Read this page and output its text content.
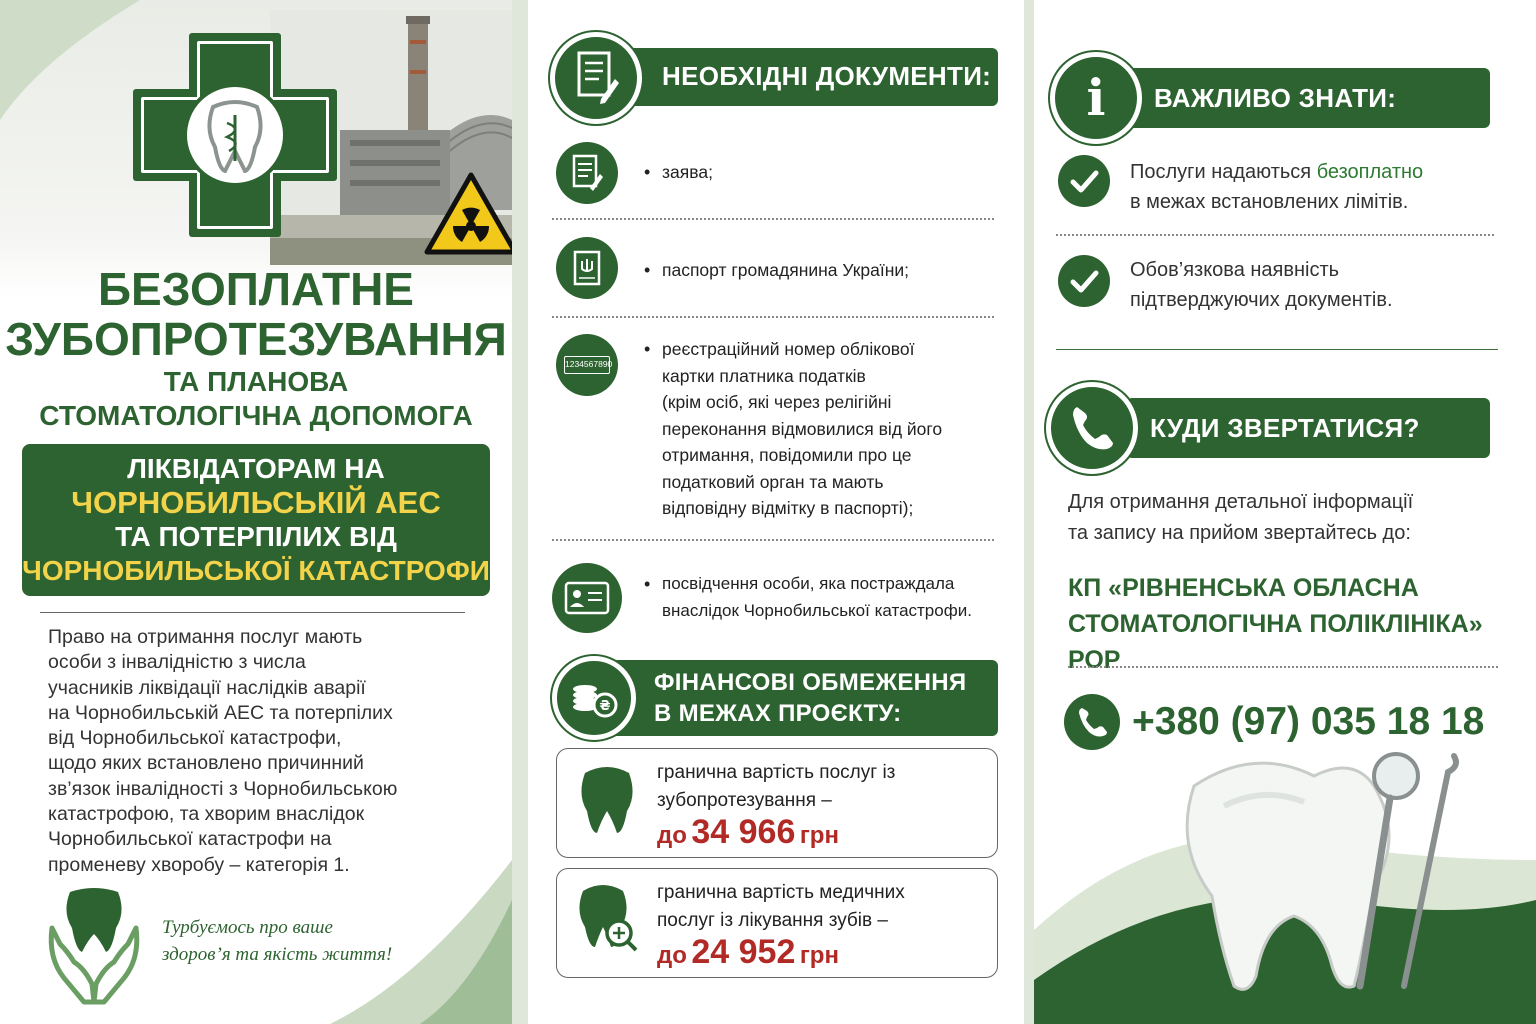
БЕЗОПЛАТНЕ
ЗУБОПРОТЕЗУВАННЯ
ТА ПЛАНОВА
СТОМАТОЛОГІЧНА ДОПОМОГА
ЛІКВІДАТОРАМ НА
ЧОРНОБИЛЬСЬКІЙ АЕС
ТА ПОТЕРПІЛИХ ВІД
ЧОРНОБИЛЬСЬКОЇ КАТАСТРОФИ
Право на отримання послуг мають
особи з інвалідністю з числа
учасників ліквідації наслідків аварії
на Чорнобильській АЕС та потерпілих
від Чорнобильської катастрофи,
щодо яких встановлено причинний
зв’язок інвалідності з Чорнобильською
катастрофою, та хворим внаслідок
Чорнобильської катастрофи на
променеву хворобу – категорія 1.
Турбуємось про ваше
здоров’я та якість життя!
НЕОБХІДНІ ДОКУМЕНТИ:
• заява;
• паспорт громадянина України;
1234567890
• реєстраційний номер облікової
картки платника податків
(крім осіб, які через релігійні
переконання відмовилися від його
отримання, повідомили про це
податковий орган та мають
відповідну відмітку в паспорті);
• посвідчення особи, яка постраждала
внаслідок Чорнобильської катастрофи.
ФІНАНСОВІ ОБМЕЖЕННЯ
В МЕЖАХ ПРОЄКТУ:
₴
гранична вартість послуг із
зубопротезування –
до 34 966 грн
гранична вартість медичних
послуг із лікування зубів –
до 24 952 грн
ВАЖЛИВО ЗНАТИ:
i
Послуги надаються безоплатно
в межах встановлених лімітів.
Обов’язкова наявність
підтверджуючих документів.
КУДИ ЗВЕРТАТИСЯ?
Для отримання детальної інформації
та запису на прийом звертайтесь до:
КП «РІВНЕНСЬКА ОБЛАСНА
СТОМАТОЛОГІЧНА ПОЛІКЛІНІКА» РОР
+380 (97) 035 18 18
